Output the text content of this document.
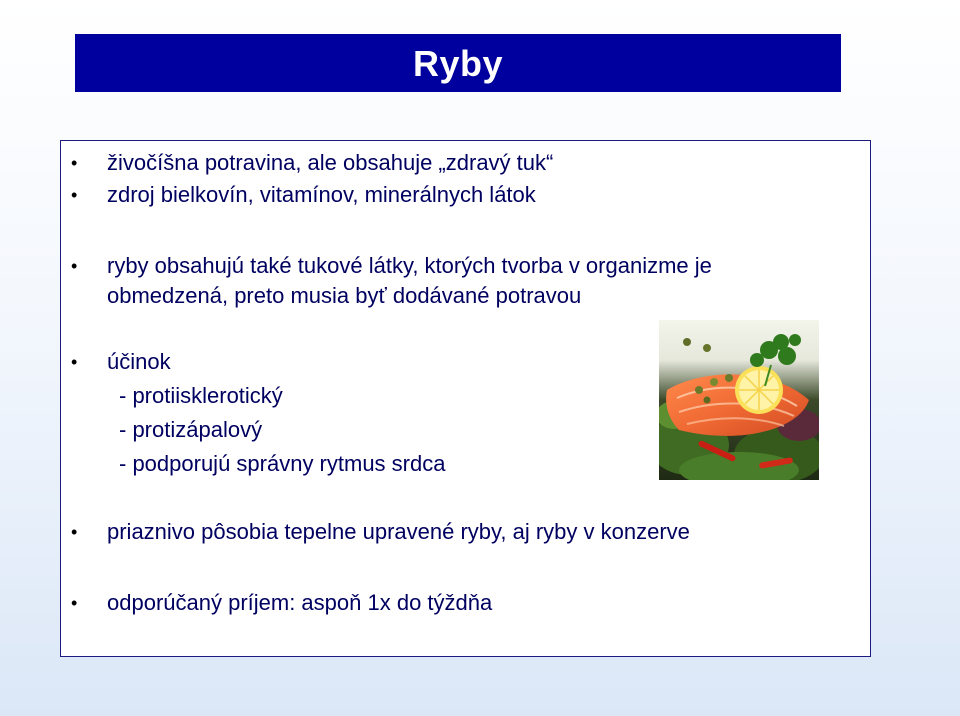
Ryby
•	živočíšna potravina, ale obsahuje „zdravý tuk“
•	zdroj bielkovín, vitamínov, minerálnych látok
•	ryby obsahujú také tukové látky, ktorých tvorba v organizme je
obmedzená, preto musia byť dodávané potravou
•	účinok
- protiisklerotický
- protizápalový
- podporujú správny rytmus srdca
•	priaznivo pôsobia tepelne upravené ryby, aj ryby v konzerve
•	odporúčaný príjem: aspoň 1x do týždňa
